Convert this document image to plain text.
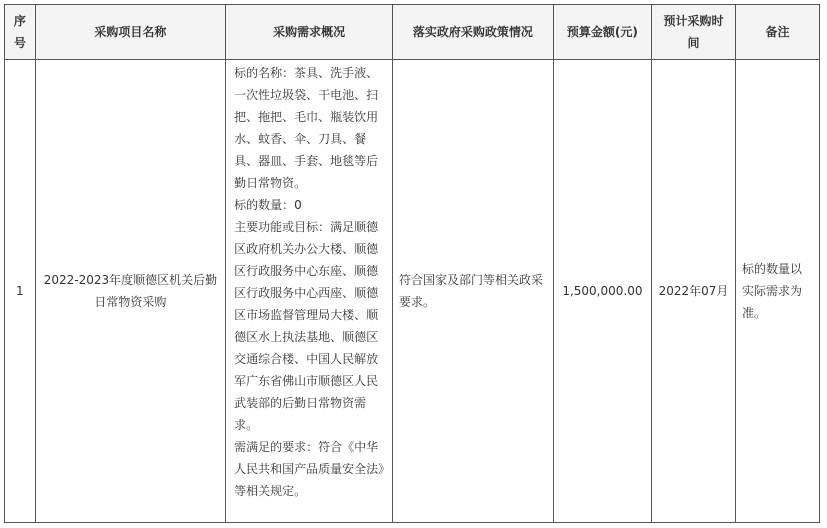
序号	采购项目名称	采购需求概况	落实政府采购政策情况	预算金额(元)	预计采购时间	备注
1	2022-2023年度顺德区机关后勤日常物资采购	标的名称：茶具、洗手液、一次性垃圾袋、干电池、扫把、拖把、毛巾、瓶装饮用水、蚊香、伞、刀具、餐具、器皿、手套、地毯等后勤日常物资。
标的数量：0
主要功能或目标：满足顺德区政府机关办公大楼、顺德区行政服务中心东座、顺德区行政服务中心西座、顺德区市场监督管理局大楼、顺德区水上执法基地、顺德区交通综合楼、中国人民解放军广东省佛山市顺德区人民武装部的后勤日常物资需求。
需满足的要求：符合《中华人民共和国产品质量安全法》等相关规定。	符合国家及部门等相关政采要求。	1,500,000.00	2022年07月	标的数量以实际需求为准。
